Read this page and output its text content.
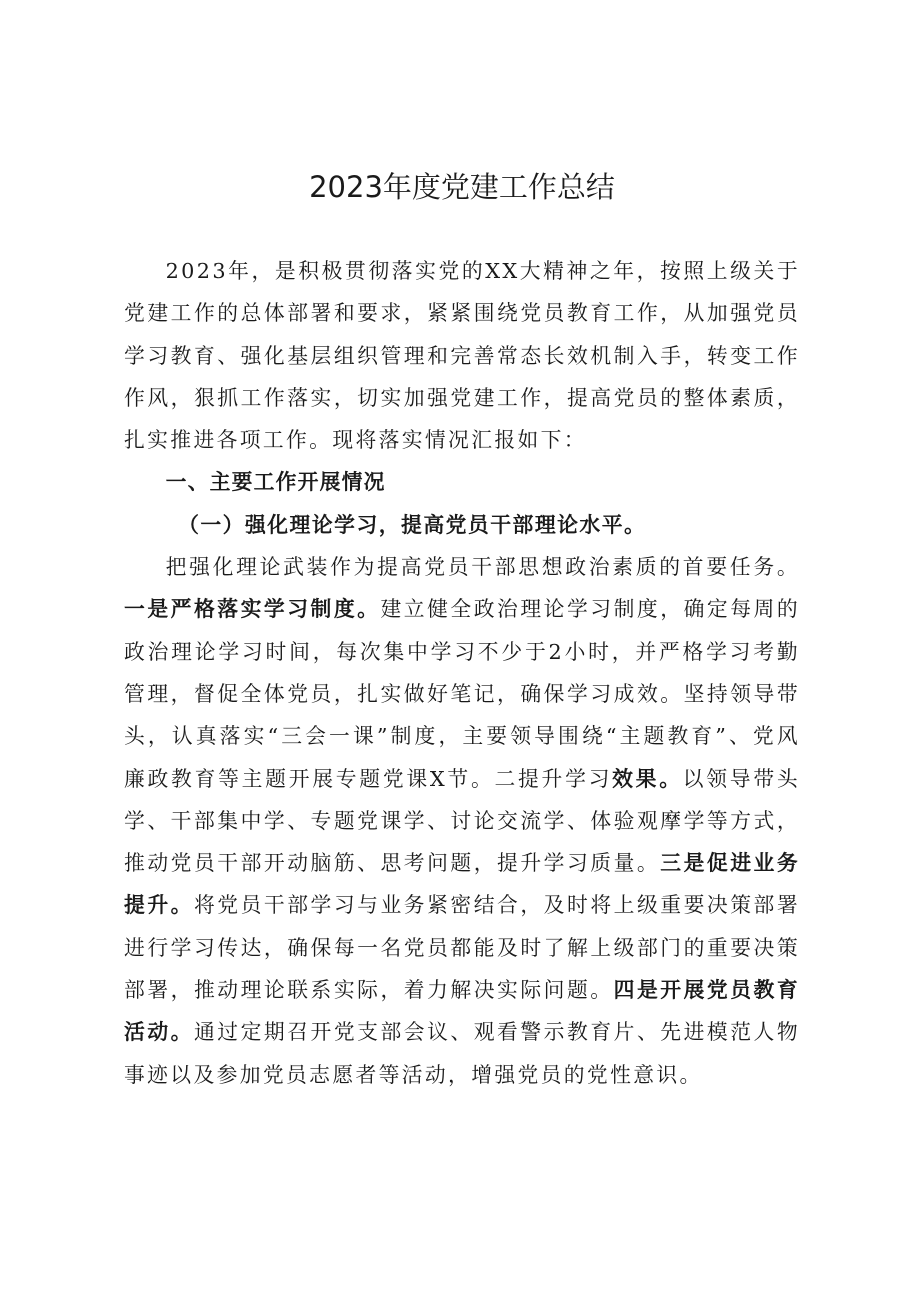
2023年度党建工作总结

2023年，是积极贯彻落实党的XX大精神之年，按照上级关于党建工作的总体部署和要求，紧紧围绕党员教育工作，从加强党员学习教育、强化基层组织管理和完善常态长效机制入手，转变工作作风，狠抓工作落实，切实加强党建工作，提高党员的整体素质，扎实推进各项工作。现将落实情况汇报如下：

一、主要工作开展情况

（一）强化理论学习，提高党员干部理论水平。

把强化理论武装作为提高党员干部思想政治素质的首要任务。一是严格落实学习制度。建立健全政治理论学习制度，确定每周的政治理论学习时间，每次集中学习不少于2小时，并严格学习考勤管理，督促全体党员，扎实做好笔记，确保学习成效。坚持领导带头，认真落实“三会一课”制度，主要领导围绕“主题教育”、党风廉政教育等主题开展专题党课X节。二提升学习效果。以领导带头学、干部集中学、专题党课学、讨论交流学、体验观摩学等方式，推动党员干部开动脑筋、思考问题，提升学习质量。三是促进业务提升。将党员干部学习与业务紧密结合，及时将上级重要决策部署进行学习传达，确保每一名党员都能及时了解上级部门的重要决策部署，推动理论联系实际，着力解决实际问题。四是开展党员教育活动。通过定期召开党支部会议、观看警示教育片、先进模范人物事迹以及参加党员志愿者等活动，增强党员的党性意识。
